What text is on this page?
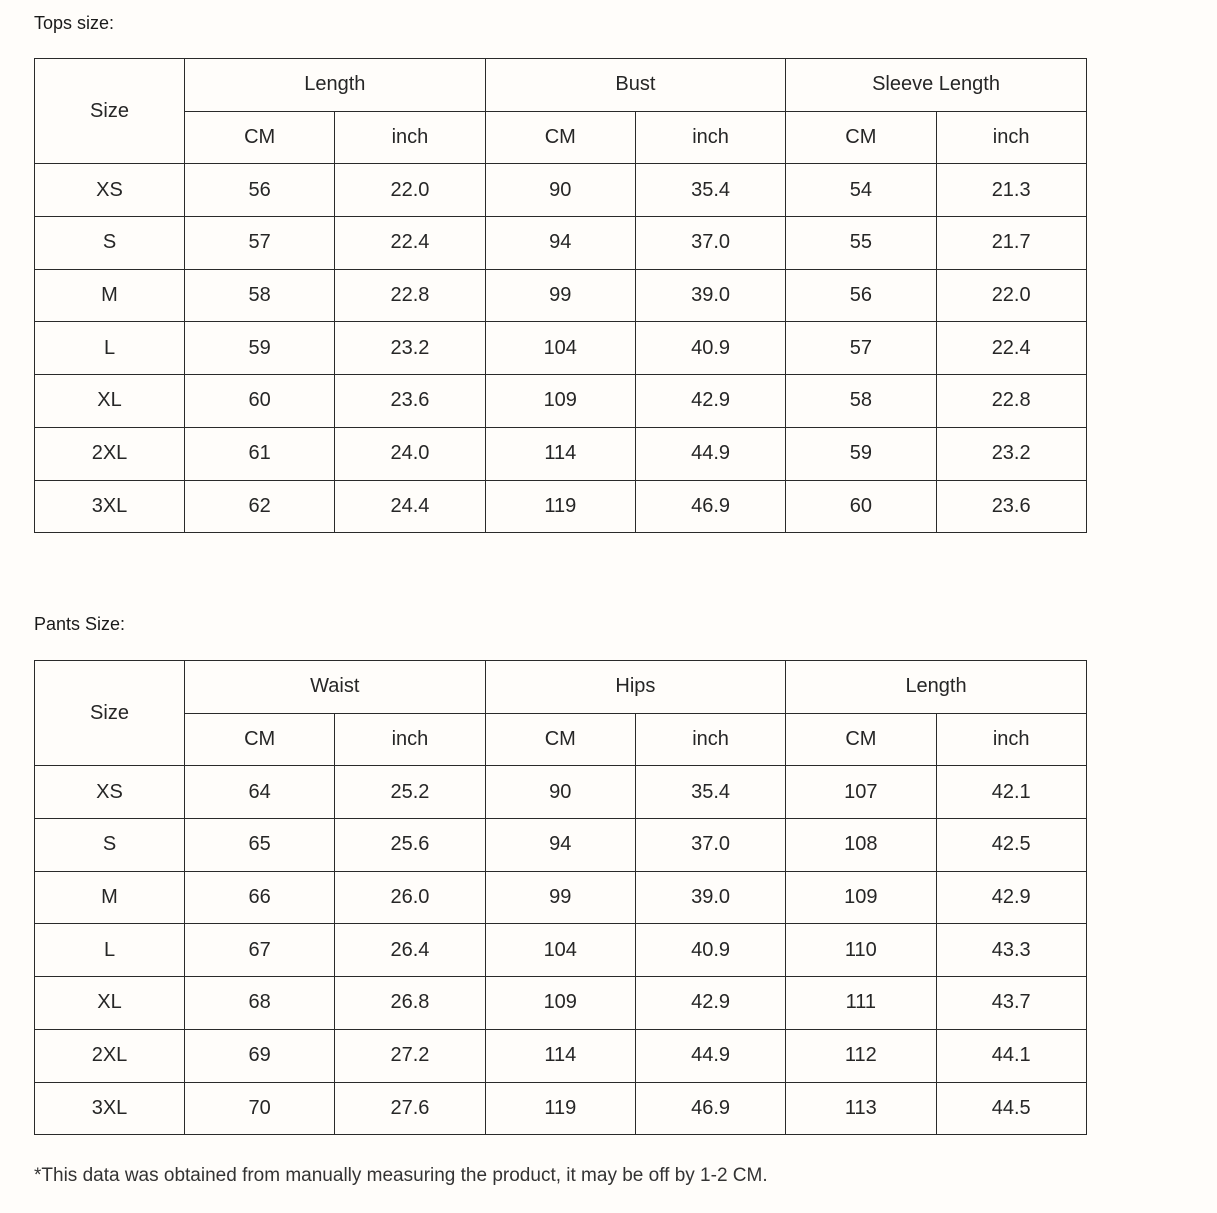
Tops size:

Size	Length		Bust		Sleeve Length	
	CM	inch	CM	inch	CM	inch
XS	56	22.0	90	35.4	54	21.3
S	57	22.4	94	37.0	55	21.7
M	58	22.8	99	39.0	56	22.0
L	59	23.2	104	40.9	57	22.4
XL	60	23.6	109	42.9	58	22.8
2XL	61	24.0	114	44.9	59	23.2
3XL	62	24.4	119	46.9	60	23.6

Pants Size:

Size	Waist		Hips		Length	
	CM	inch	CM	inch	CM	inch
XS	64	25.2	90	35.4	107	42.1
S	65	25.6	94	37.0	108	42.5
M	66	26.0	99	39.0	109	42.9
L	67	26.4	104	40.9	110	43.3
XL	68	26.8	109	42.9	111	43.7
2XL	69	27.2	114	44.9	112	44.1
3XL	70	27.6	119	46.9	113	44.5

*This data was obtained from manually measuring the product, it may be off by 1-2 CM.
